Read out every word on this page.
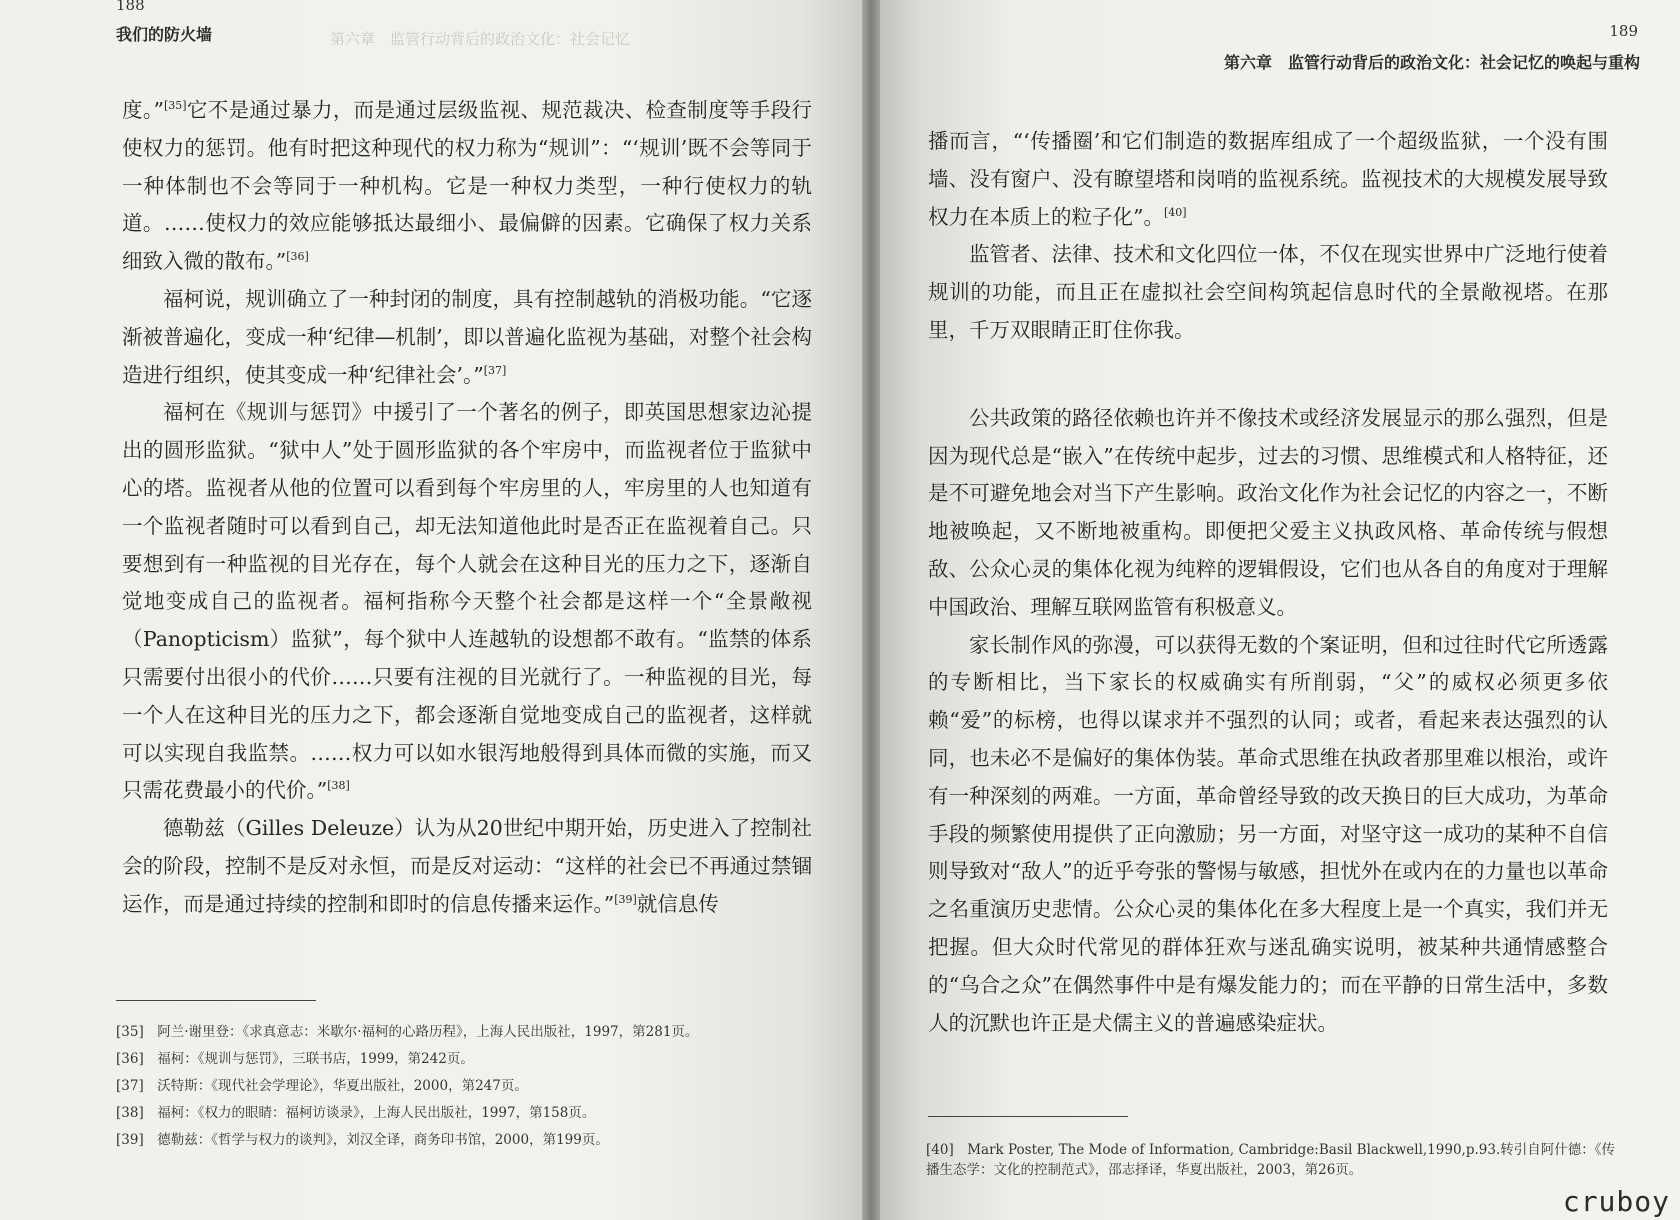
188
我们的防火墙	第六章　监管行动背后的政治文化：社会记忆	189
第六章　监管行动背后的政治文化：社会记忆的唤起与重构

度。”[35]它不是通过暴力，而是通过层级监视、规范裁决、检查制度等手段行使权力的惩罚。他有时把这种现代的权力称为“规训”：“‘规训’既不会等同于一种体制也不会等同于一种机构。它是一种权力类型，一种行使权力的轨道。……使权力的效应能够抵达最细小、最偏僻的因素。它确保了权力关系细致入微的散布。”[36]

福柯说，规训确立了一种封闭的制度，具有控制越轨的消极功能。“它逐渐被普遍化，变成一种‘纪律—机制’，即以普遍化监视为基础，对整个社会构造进行组织，使其变成一种‘纪律社会’。”[37]

福柯在《规训与惩罚》中援引了一个著名的例子，即英国思想家边沁提出的圆形监狱。“狱中人”处于圆形监狱的各个牢房中，而监视者位于监狱中心的塔。监视者从他的位置可以看到每个牢房里的人，牢房里的人也知道有一个监视者随时可以看到自己，却无法知道他此时是否正在监视着自己。只要想到有一种监视的目光存在，每个人就会在这种目光的压力之下，逐渐自觉地变成自己的监视者。福柯指称今天整个社会都是这样一个“全景敞视（Panopticism）监狱”，每个狱中人连越轨的设想都不敢有。“监禁的体系只需要付出很小的代价……只要有注视的目光就行了。一种监视的目光，每一个人在这种目光的压力之下，都会逐渐自觉地变成自己的监视者，这样就可以实现自我监禁。……权力可以如水银泻地般得到具体而微的实施，而又只需花费最小的代价。”[38]

德勒兹（Gilles Deleuze）认为从20世纪中期开始，历史进入了控制社会的阶段，控制不是反对永恒，而是反对运动：“这样的社会已不再通过禁锢运作，而是通过持续的控制和即时的信息传播来运作。”[39]就信息传

播而言，“‘传播圈’和它们制造的数据库组成了一个超级监狱，一个没有围墙、没有窗户、没有瞭望塔和岗哨的监视系统。监视技术的大规模发展导致权力在本质上的粒子化”。[40]

监管者、法律、技术和文化四位一体，不仅在现实世界中广泛地行使着规训的功能，而且正在虚拟社会空间构筑起信息时代的全景敞视塔。在那里，千万双眼睛正盯住你我。

公共政策的路径依赖也许并不像技术或经济发展显示的那么强烈，但是因为现代总是“嵌入”在传统中起步，过去的习惯、思维模式和人格特征，还是不可避免地会对当下产生影响。政治文化作为社会记忆的内容之一，不断地被唤起，又不断地被重构。即便把父爱主义执政风格、革命传统与假想敌、公众心灵的集体化视为纯粹的逻辑假设，它们也从各自的角度对于理解中国政治、理解互联网监管有积极意义。

家长制作风的弥漫，可以获得无数的个案证明，但和过往时代它所透露的专断相比，当下家长的权威确实有所削弱，“父”的威权必须更多依赖“爱”的标榜，也得以谋求并不强烈的认同；或者，看起来表达强烈的认同，也未必不是偏好的集体伪装。革命式思维在执政者那里难以根治，或许有一种深刻的两难。一方面，革命曾经导致的改天换日的巨大成功，为革命手段的频繁使用提供了正向激励；另一方面，对坚守这一成功的某种不自信则导致对“敌人”的近乎夸张的警惕与敏感，担忧外在或内在的力量也以革命之名重演历史悲情。公众心灵的集体化在多大程度上是一个真实，我们并无把握。但大众时代常见的群体狂欢与迷乱确实说明，被某种共通情感整合的“乌合之众”在偶然事件中是有爆发能力的；而在平静的日常生活中，多数人的沉默也许正是犬儒主义的普遍感染症状。

[35]　阿兰·谢里登：《求真意志：米歇尔·福柯的心路历程》，上海人民出版社，1997，第281页。
[36]　福柯：《规训与惩罚》，三联书店，1999，第242页。
[37]　沃特斯：《现代社会学理论》，华夏出版社，2000，第247页。
[38]　福柯：《权力的眼睛：福柯访谈录》，上海人民出版社，1997，第158页。
[39]　德勒兹：《哲学与权力的谈判》，刘汉全译，商务印书馆，2000，第199页。
[40]　Mark Poster, The Mode of Information, Cambridge:Basil Blackwell,1990,p.93.转引自阿什德：《传播生态学：文化的控制范式》，邵志择译，华夏出版社，2003，第26页。
cruboy
